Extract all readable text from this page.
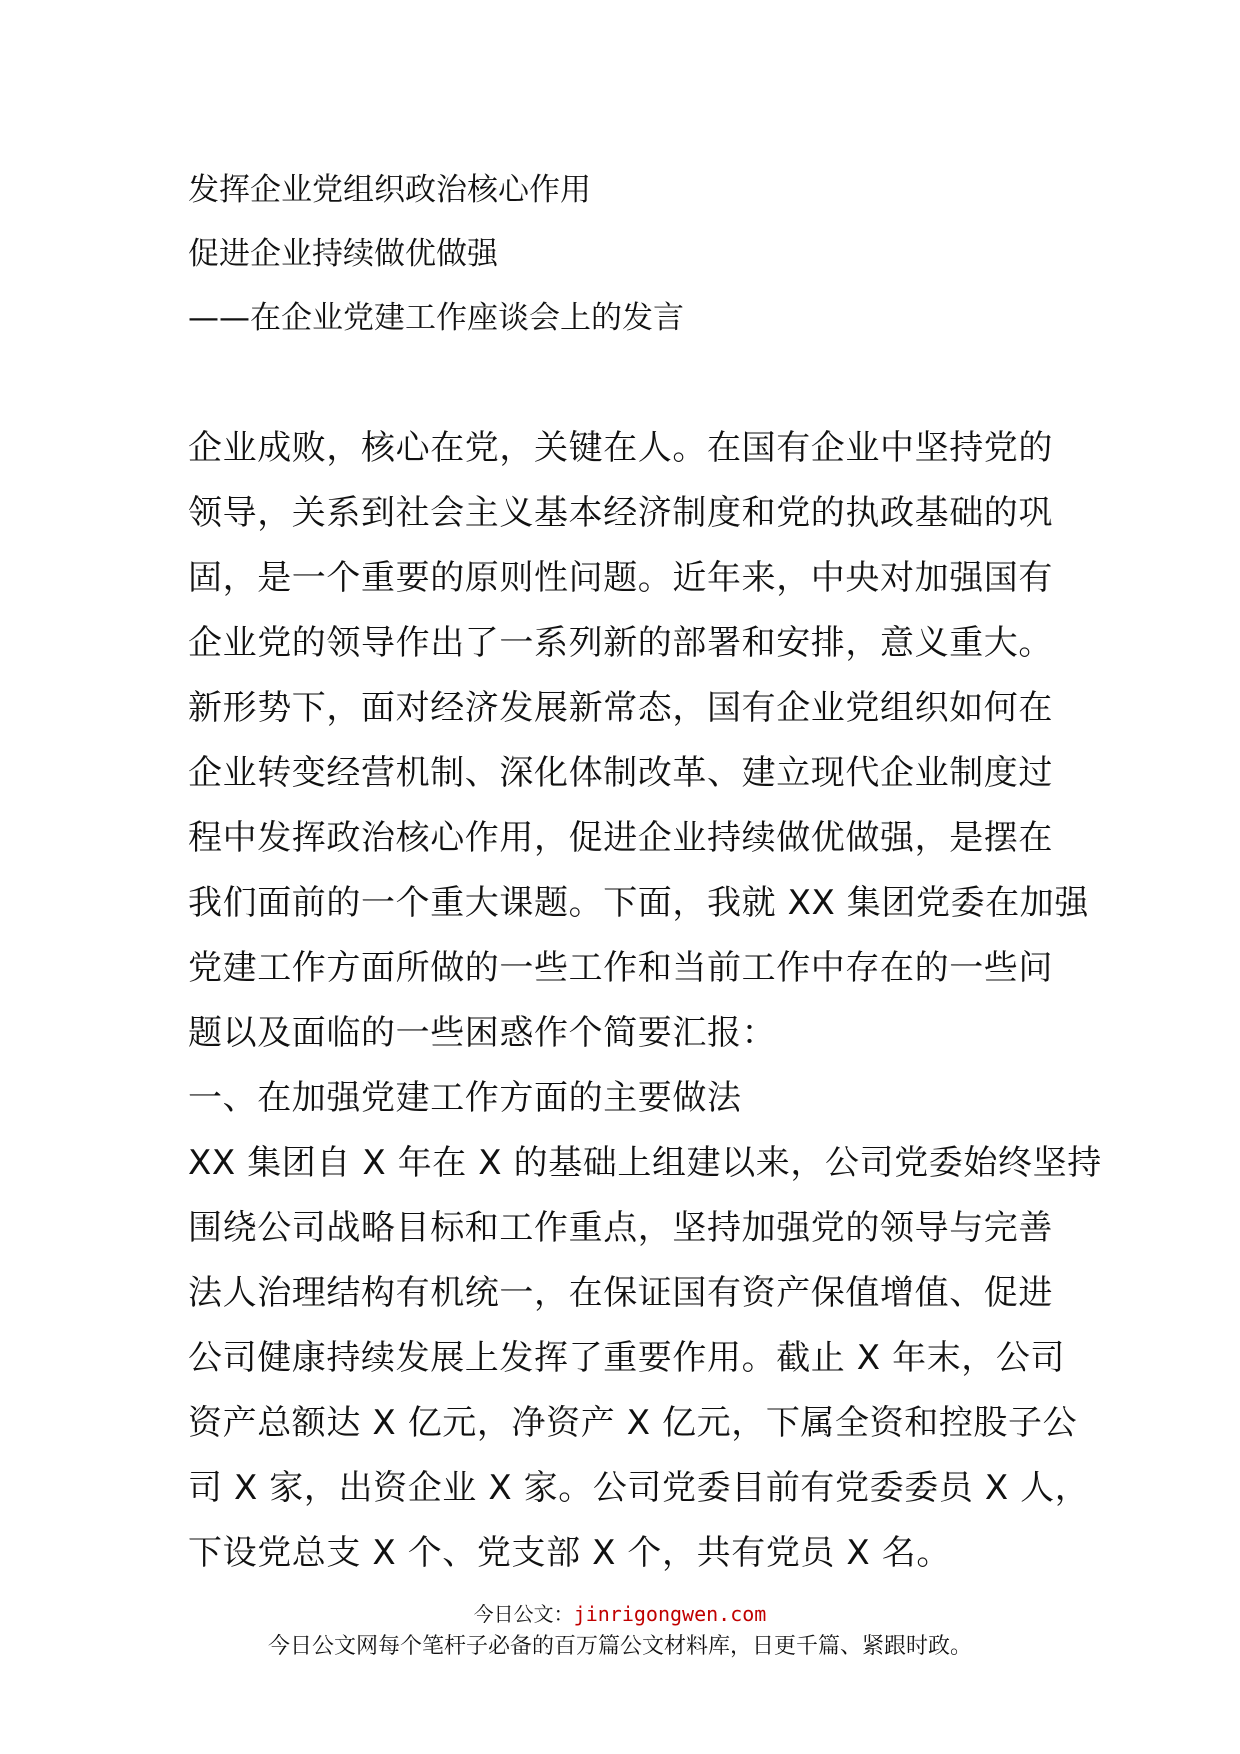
发挥企业党组织政治核心作用
促进企业持续做优做强
——在企业党建工作座谈会上的发言
企业成败，核心在党，关键在人。在国有企业中坚持党的
领导，关系到社会主义基本经济制度和党的执政基础的巩
固，是一个重要的原则性问题。近年来，中央对加强国有
企业党的领导作出了一系列新的部署和安排，意义重大。
新形势下，面对经济发展新常态，国有企业党组织如何在
企业转变经营机制、深化体制改革、建立现代企业制度过
程中发挥政治核心作用，促进企业持续做优做强，是摆在
我们面前的一个重大课题。下面，我就 XX 集团党委在加强
党建工作方面所做的一些工作和当前工作中存在的一些问
题以及面临的一些困惑作个简要汇报：
一、在加强党建工作方面的主要做法
XX 集团自 X 年在 X 的基础上组建以来，公司党委始终坚持
围绕公司战略目标和工作重点，坚持加强党的领导与完善
法人治理结构有机统一，在保证国有资产保值增值、促进
公司健康持续发展上发挥了重要作用。截止 X 年末，公司
资产总额达 X 亿元，净资产 X 亿元，下属全资和控股子公
司 X 家，出资企业 X 家。公司党委目前有党委委员 X 人，
下设党总支 X 个、党支部 X 个，共有党员 X 名。
今日公文：jinrigongwen.com
今日公文网每个笔杆子必备的百万篇公文材料库，日更千篇、紧跟时政。
